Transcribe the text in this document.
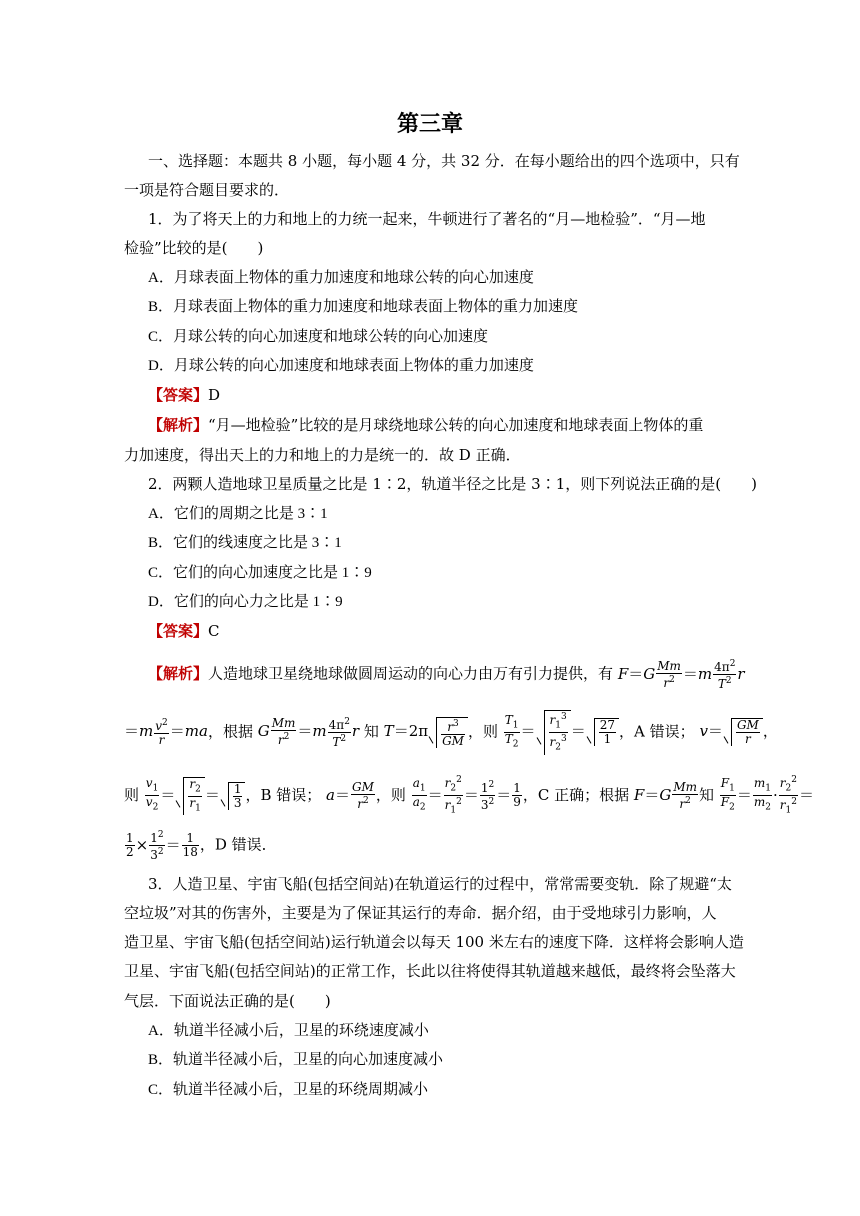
第三章
一、选择题：本题共 8 小题，每小题 4 分，共 32 分．在每小题给出的四个选项中，只有
一项是符合题目要求的．
1．为了将天上的力和地上的力统一起来，牛顿进行了著名的“月—地检验”．“月—地
检验”比较的是(　　)
A．月球表面上物体的重力加速度和地球公转的向心加速度
B．月球表面上物体的重力加速度和地球表面上物体的重力加速度
C．月球公转的向心加速度和地球公转的向心加速度
D．月球公转的向心加速度和地球表面上物体的重力加速度
【答案】D
【解析】“月—地检验”比较的是月球绕地球公转的向心加速度和地球表面上物体的重
力加速度，得出天上的力和地上的力是统一的．故 D 正确．
2．两颗人造地球卫星质量之比是 1∶2，轨道半径之比是 3∶1，则下列说法正确的是(　　)
A．它们的周期之比是 3∶1
B．它们的线速度之比是 3∶1
C．它们的向心加速度之比是 1∶9
D．它们的向心力之比是 1∶9
【答案】C
【解析】人造地球卫星绕地球做圆周运动的向心力由万有引力提供，有 $F=G \frac{Mm}{r^2} =m \frac{4\pi^2}{T^2}$ r
$=m \frac{v^2}{r} =ma$，根据 G $\frac{Mm}{r^2} =m \frac{4\pi^2}{T^2}$ r 知 $T=2\pi \frac{r^3}{GM}$ ，则 $\frac{T_1}{T_2} = \frac{r_1^3}{r_2^3} = \frac{27}{1}$ ，A 错误； $v= \frac{GM}{r}$ ，
则 $\frac{v_1}{v_2} = \frac{r_2}{r_1} = \frac{1}{3}$ ，B 错误； $a= \frac{GM}{r^2}$ ，则 $\frac{a_1}{a_2} = \frac{r_2^2}{r_1^2} = \frac{1^2}{3^2} = \frac{1}{9}$ ，C 正确；根据 $F=G \frac{Mm}{r^2}$ 知 $\frac{F_1}{F_2} = \frac{m_1}{m_2} \cdot \frac{r_2^2}{r_1^2}$ ＝
$\frac{1}{2} \times \frac{1^2}{3^2} = \frac{1}{18}$ ，D 错误．
3．人造卫星、宇宙飞船(包括空间站)在轨道运行的过程中，常常需要变轨．除了规避“太
空垃圾”对其的伤害外，主要是为了保证其运行的寿命．据介绍，由于受地球引力影响，人
造卫星、宇宙飞船(包括空间站)运行轨道会以每天 100 米左右的速度下降．这样将会影响人造
卫星、宇宙飞船(包括空间站)的正常工作，长此以往将使得其轨道越来越低，最终将会坠落大
气层．下面说法正确的是(　　)
A．轨道半径减小后，卫星的环绕速度减小
B．轨道半径减小后，卫星的向心加速度减小
C．轨道半径减小后，卫星的环绕周期减小
